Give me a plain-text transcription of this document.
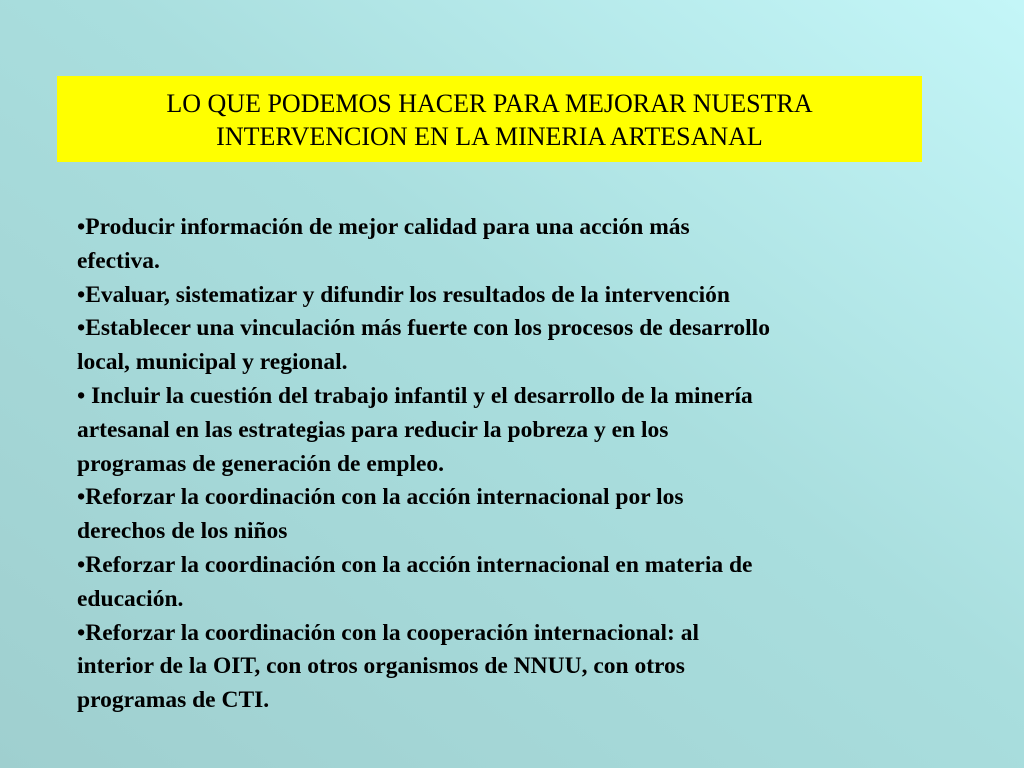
LO QUE PODEMOS HACER PARA MEJORAR NUESTRA
INTERVENCION EN LA MINERIA ARTESANAL
•Producir información de mejor calidad para una acción más
efectiva.
•Evaluar, sistematizar y difundir los resultados de la intervención
•Establecer una vinculación más fuerte con los procesos de desarrollo
local, municipal y regional.
• Incluir la cuestión del trabajo infantil y el desarrollo de la minería
artesanal en las estrategias para reducir la pobreza y en los
programas de generación de empleo.
•Reforzar la coordinación con la acción internacional por los
derechos de los niños
•Reforzar la coordinación con la acción internacional en materia de
educación.
•Reforzar la coordinación con la cooperación internacional: al
interior de la OIT, con otros organismos de NNUU, con otros
programas de CTI.
